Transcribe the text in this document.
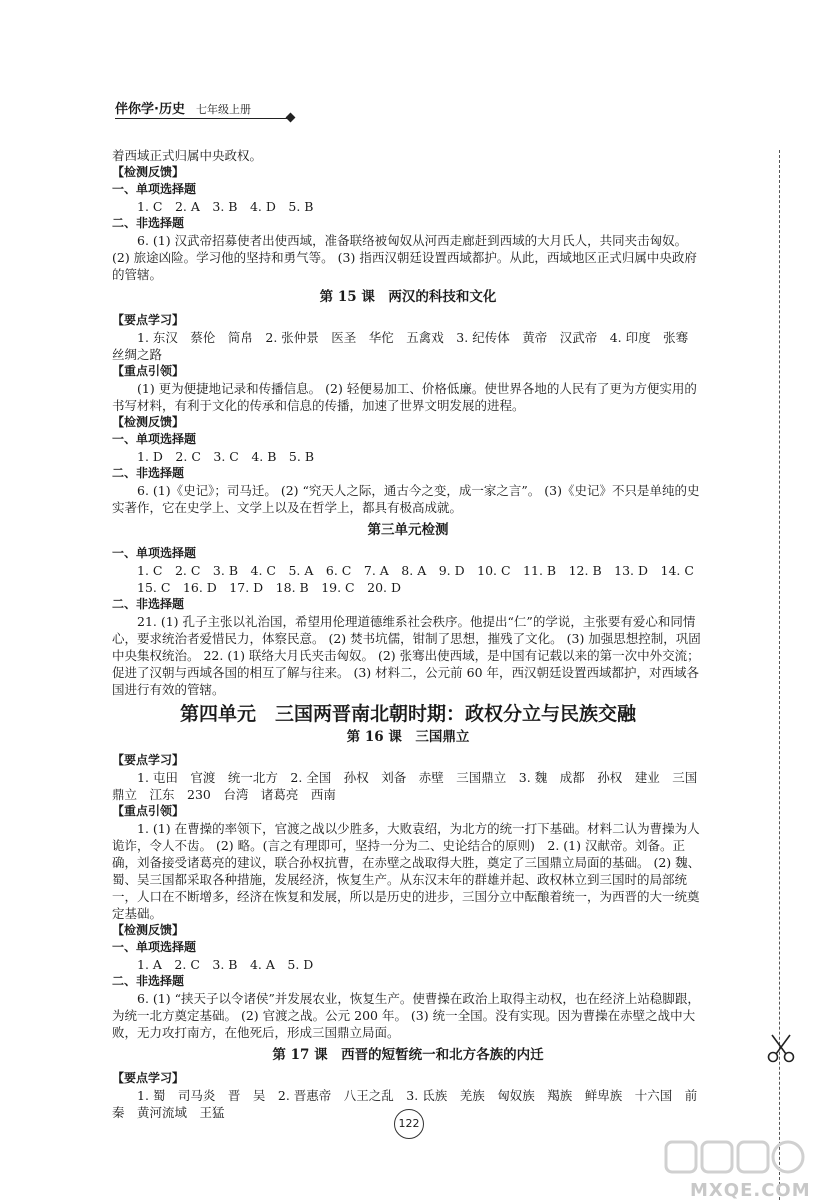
伴你学·历史 七年级上册

着西域正式归属中央政权。

【检测反馈】

一、单项选择题

1. C　2. A　3. B　4. D　5. B

二、非选择题

6. (1) 汉武帝招募使者出使西域，准备联络被匈奴从河西走廊赶到西域的大月氏人，共同夹击匈奴。(2) 旅途凶险。学习他的坚持和勇气等。 (3) 指西汉朝廷设置西域都护。从此，西域地区正式归属中央政府的管辖。

第 15 课　两汉的科技和文化

【要点学习】

1. 东汉　蔡伦　简帛　2. 张仲景　医圣　华佗　五禽戏　3. 纪传体　黄帝　汉武帝　4. 印度　张骞　丝绸之路

【重点引领】

(1) 更为便捷地记录和传播信息。 (2) 轻便易加工、价格低廉。使世界各地的人民有了更为方便实用的书写材料，有利于文化的传承和信息的传播，加速了世界文明发展的进程。

【检测反馈】

一、单项选择题

1. D　2. C　3. C　4. B　5. B

二、非选择题

6. (1)《史记》；司马迁。 (2) “究天人之际，通古今之变，成一家之言”。 (3)《史记》不只是单纯的史实著作，它在史学上、文学上以及在哲学上，都具有极高成就。

第三单元检测

一、单项选择题

1. C　2. C　3. B　4. C　5. A　6. C　7. A　8. A　9. D　10. C　11. B　12. B　13. D　14. C　15. C　16. D　17. D　18. B　19. C　20. D

二、非选择题

21. (1) 孔子主张以礼治国，希望用伦理道德维系社会秩序。他提出“仁”的学说，主张要有爱心和同情心，要求统治者爱惜民力，体察民意。 (2) 焚书坑儒，钳制了思想，摧残了文化。 (3) 加强思想控制，巩固中央集权统治。 22. (1) 联络大月氏夹击匈奴。 (2) 张骞出使西域，是中国有记载以来的第一次中外交流；促进了汉朝与西域各国的相互了解与往来。 (3) 材料二，公元前 60 年，西汉朝廷设置西域都护，对西域各国进行有效的管辖。

第四单元　三国两晋南北朝时期：政权分立与民族交融

第 16 课　三国鼎立

【要点学习】

1. 屯田　官渡　统一北方　2. 全国　孙权　刘备　赤壁　三国鼎立　3. 魏　成都　孙权　建业　三国鼎立　江东　230　台湾　诸葛亮　西南

【重点引领】

1. (1) 在曹操的率领下，官渡之战以少胜多，大败袁绍，为北方的统一打下基础。材料二认为曹操为人诡诈，令人不齿。 (2) 略。(言之有理即可，坚持一分为二、史论结合的原则)　2. (1) 汉献帝。刘备。正确，刘备接受诸葛亮的建议，联合孙权抗曹，在赤壁之战取得大胜，奠定了三国鼎立局面的基础。 (2) 魏、蜀、吴三国都采取各种措施，发展经济，恢复生产。从东汉末年的群雄并起、政权林立到三国时的局部统一，人口在不断增多，经济在恢复和发展，所以是历史的进步，三国分立中酝酿着统一，为西晋的大一统奠定基础。

【检测反馈】

一、单项选择题

1. A　2. C　3. B　4. A　5. D

二、非选择题

6. (1) “挟天子以令诸侯”并发展农业，恢复生产。使曹操在政治上取得主动权，也在经济上站稳脚跟，为统一北方奠定基础。 (2) 官渡之战。公元 200 年。 (3) 统一全国。没有实现。因为曹操在赤壁之战中大败，无力攻打南方，在他死后，形成三国鼎立局面。

第 17 课　西晋的短暂统一和北方各族的内迁

【要点学习】

1. 蜀　司马炎　晋　吴　2. 晋惠帝　八王之乱　3. 氐族　羌族　匈奴族　羯族　鲜卑族　十六国　前秦　黄河流域　王猛

122
MXQE.COM
